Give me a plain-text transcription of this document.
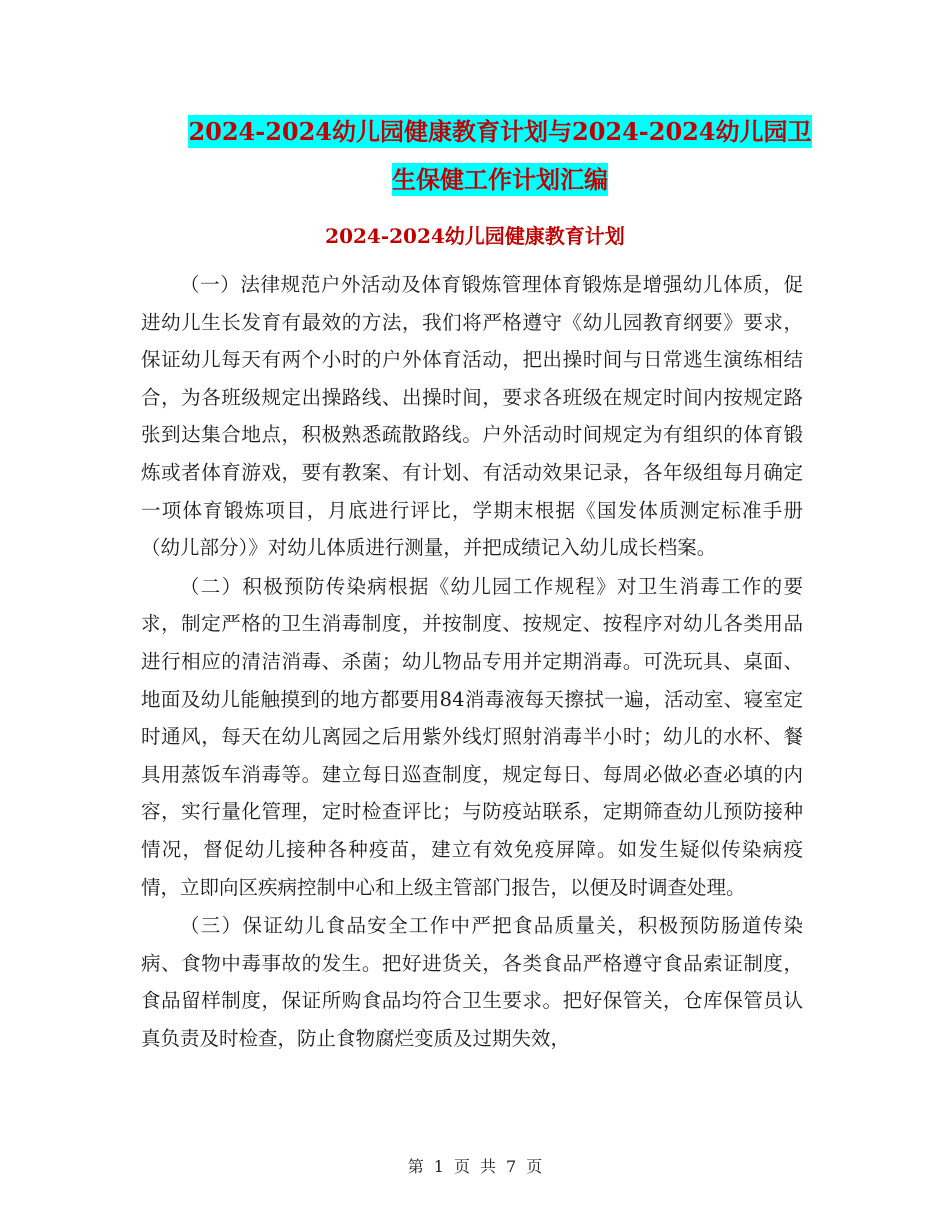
2024-2024幼儿园健康教育计划与2024-2024幼儿园卫
生保健工作计划汇编
2024-2024幼儿园健康教育计划

（一）法律规范户外活动及体育锻炼管理体育锻炼是增强幼儿体质，促进幼儿生长发育有最效的方法，我们将严格遵守《幼儿园教育纲要》要求，保证幼儿每天有两个小时的户外体育活动，把出操时间与日常逃生演练相结合，为各班级规定出操路线、出操时间，要求各班级在规定时间内按规定路张到达集合地点，积极熟悉疏散路线。户外活动时间规定为有组织的体育锻炼或者体育游戏，要有教案、有计划、有活动效果记录，各年级组每月确定一项体育锻炼项目，月底进行评比，学期末根据《国发体质测定标准手册（幼儿部分）》对幼儿体质进行测量，并把成绩记入幼儿成长档案。

（二）积极预防传染病根据《幼儿园工作规程》对卫生消毒工作的要求，制定严格的卫生消毒制度，并按制度、按规定、按程序对幼儿各类用品进行相应的清洁消毒、杀菌；幼儿物品专用并定期消毒。可洗玩具、桌面、地面及幼儿能触摸到的地方都要用84消毒液每天擦拭一遍，活动室、寝室定时通风，每天在幼儿离园之后用紫外线灯照射消毒半小时；幼儿的水杯、餐具用蒸饭车消毒等。建立每日巡查制度，规定每日、每周必做必查必填的内容，实行量化管理，定时检查评比；与防疫站联系，定期筛查幼儿预防接种情况，督促幼儿接种各种疫苗，建立有效免疫屏障。如发生疑似传染病疫情，立即向区疾病控制中心和上级主管部门报告，以便及时调查处理。

（三）保证幼儿食品安全工作中严把食品质量关，积极预防肠道传染病、食物中毒事故的发生。把好进货关，各类食品严格遵守食品索证制度，食品留样制度，保证所购食品均符合卫生要求。把好保管关，仓库保管员认真负责及时检查，防止食物腐烂变质及过期失效，

第 1 页 共 7 页
